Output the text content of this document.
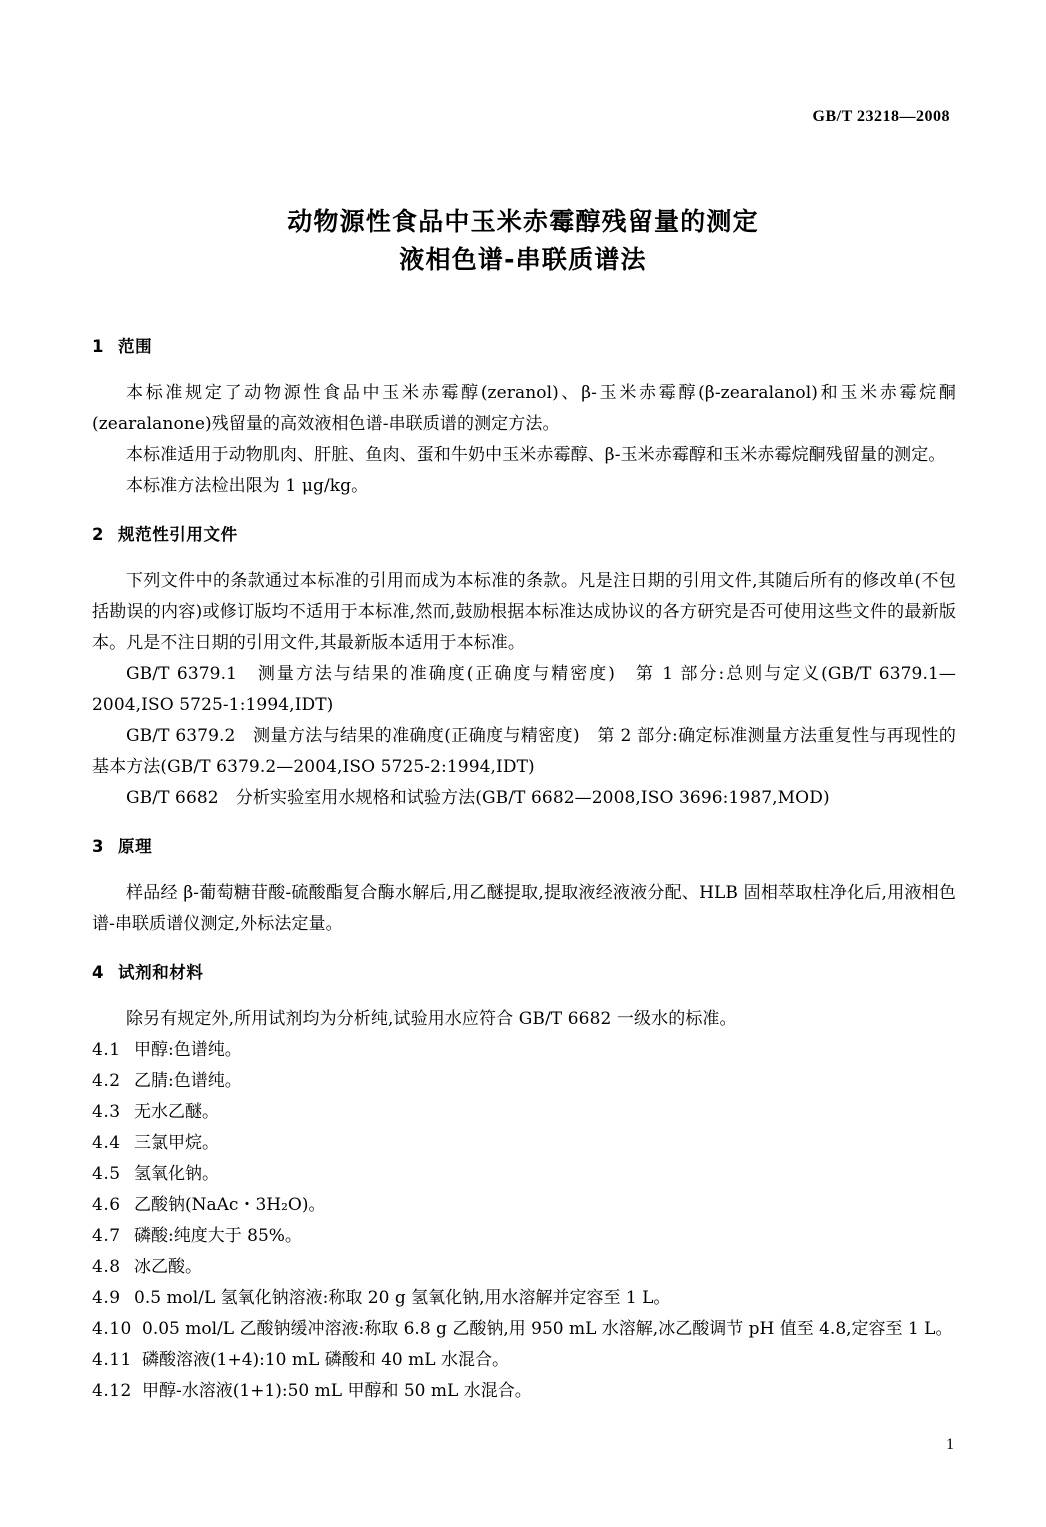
GB/T 23218—2008
动物源性食品中玉米赤霉醇残留量的测定
液相色谱-串联质谱法
1 范围

本标准规定了动物源性食品中玉米赤霉醇(zeranol)、β-玉米赤霉醇(β-zearalanol)和玉米赤霉烷酮(zearalanone)残留量的高效液相色谱-串联质谱的测定方法。

本标准适用于动物肌肉、肝脏、鱼肉、蛋和牛奶中玉米赤霉醇、β-玉米赤霉醇和玉米赤霉烷酮残留量的测定。

本标准方法检出限为 1 μg/kg。

2 规范性引用文件

下列文件中的条款通过本标准的引用而成为本标准的条款。凡是注日期的引用文件,其随后所有的修改单(不包括勘误的内容)或修订版均不适用于本标准,然而,鼓励根据本标准达成协议的各方研究是否可使用这些文件的最新版本。凡是不注日期的引用文件,其最新版本适用于本标准。

GB/T 6379.1　测量方法与结果的准确度(正确度与精密度)　第 1 部分:总则与定义(GB/T 6379.1—2004,ISO 5725-1:1994,IDT)

GB/T 6379.2　测量方法与结果的准确度(正确度与精密度)　第 2 部分:确定标准测量方法重复性与再现性的基本方法(GB/T 6379.2—2004,ISO 5725-2:1994,IDT)

GB/T 6682　分析实验室用水规格和试验方法(GB/T 6682—2008,ISO 3696:1987,MOD)

3 原理

样品经 β-葡萄糖苷酸-硫酸酯复合酶水解后,用乙醚提取,提取液经液液分配、HLB 固相萃取柱净化后,用液相色谱-串联质谱仪测定,外标法定量。

4 试剂和材料

除另有规定外,所用试剂均为分析纯,试验用水应符合 GB/T 6682 一级水的标准。

4.1 甲醇:色谱纯。

4.2 乙腈:色谱纯。

4.3 无水乙醚。

4.4 三氯甲烷。

4.5 氢氧化钠。

4.6 乙酸钠(NaAc・3H₂O)。

4.7 磷酸:纯度大于 85%。

4.8 冰乙酸。

4.9 0.5 mol/L 氢氧化钠溶液:称取 20 g 氢氧化钠,用水溶解并定容至 1 L。

4.10 0.05 mol/L 乙酸钠缓冲溶液:称取 6.8 g 乙酸钠,用 950 mL 水溶解,冰乙酸调节 pH 值至 4.8,定容至 1 L。

4.11 磷酸溶液(1+4):10 mL 磷酸和 40 mL 水混合。

4.12 甲醇-水溶液(1+1):50 mL 甲醇和 50 mL 水混合。

1
